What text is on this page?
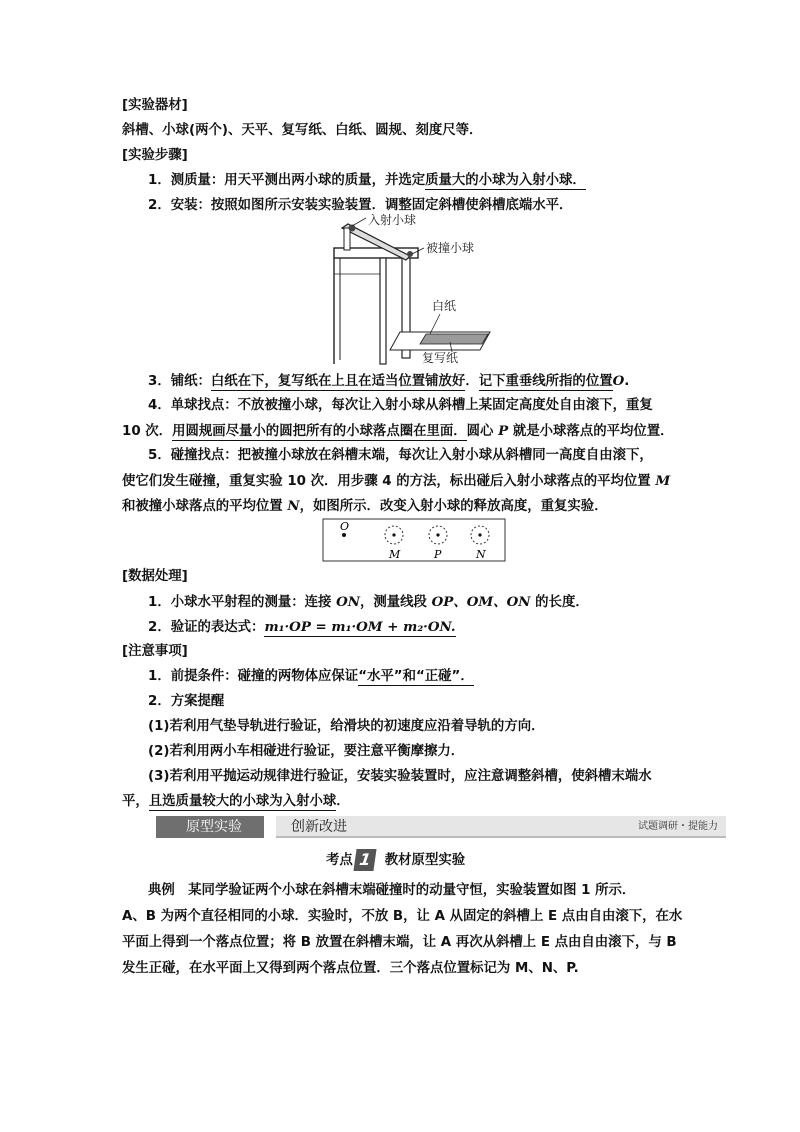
[实验器材]
斜槽、小球(两个)、天平、复写纸、白纸、圆规、刻度尺等．
[实验步骤]
1．测质量：用天平测出两小球的质量，并选定质量大的小球为入射小球．
2．安装：按照如图所示安装实验装置．调整固定斜槽使斜槽底端水平．
入射小球
被撞小球
白纸
复写纸
3．铺纸：白纸在下，复写纸在上且在适当位置铺放好．记下重垂线所指的位置O.
4．单球找点：不放被撞小球，每次让入射小球从斜槽上某固定高度处自由滚下，重复
10 次．用圆规画尽量小的圆把所有的小球落点圈在里面．圆心 P 就是小球落点的平均位置．
5．碰撞找点：把被撞小球放在斜槽末端，每次让入射小球从斜槽同一高度自由滚下，
使它们发生碰撞，重复实验 10 次．用步骤 4 的方法，标出碰后入射小球落点的平均位置 M
和被撞小球落点的平均位置 N，如图所示．改变入射小球的释放高度，重复实验．
O
M	P	N
[数据处理]
1．小球水平射程的测量：连接 ON，测量线段 OP、OM、ON 的长度．
2．验证的表达式：m₁·OP = m₁·OM + m₂·ON.
[注意事项]
1．前提条件：碰撞的两物体应保证“水平”和“正碰”．
2．方案提醒
(1)若利用气垫导轨进行验证，给滑块的初速度应沿着导轨的方向．
(2)若利用两小车相碰进行验证，要注意平衡摩擦力．
(3)若利用平抛运动规律进行验证，安装实验装置时，应注意调整斜槽，使斜槽末端水
平，且选质量较大的小球为入射小球．
原型实验	创新改进	试题调研・提能力
考点 1 教材原型实验
典例　某同学验证两个小球在斜槽末端碰撞时的动量守恒，实验装置如图 1 所示．
A、B 为两个直径相同的小球．实验时，不放 B，让 A 从固定的斜槽上 E 点由自由滚下，在水
平面上得到一个落点位置；将 B 放置在斜槽末端，让 A 再次从斜槽上 E 点由自由滚下，与 B
发生正碰，在水平面上又得到两个落点位置．三个落点位置标记为 M、N、P.
